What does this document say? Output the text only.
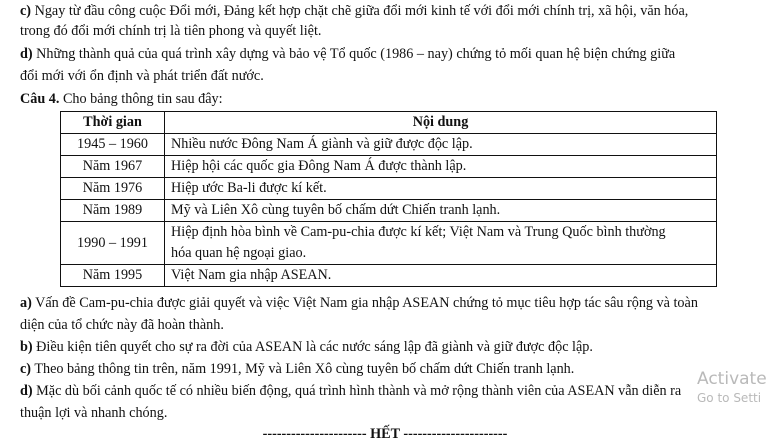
c) Ngay từ đầu công cuộc Đổi mới, Đảng kết hợp chặt chẽ giữa đổi mới kinh tế với đổi mới chính trị, xã hội, văn hóa,
trong đó đổi mới chính trị là tiên phong và quyết liệt.
d) Những thành quả của quá trình xây dựng và bảo vệ Tổ quốc (1986 – nay) chứng tỏ mối quan hệ biện chứng giữa
đổi mới với ổn định và phát triển đất nước.
Câu 4. Cho bảng thông tin sau đây:
Thời gian	Nội dung
1945 – 1960	Nhiều nước Đông Nam Á giành và giữ được độc lập.
Năm 1967	Hiệp hội các quốc gia Đông Nam Á được thành lập.
Năm 1976	Hiệp ước Ba-li được kí kết.
Năm 1989	Mỹ và Liên Xô cùng tuyên bố chấm dứt Chiến tranh lạnh.
1990 – 1991	Hiệp định hòa bình về Cam-pu-chia được kí kết; Việt Nam và Trung Quốc bình thường
hóa quan hệ ngoại giao.

Năm 1995	Việt Nam gia nhập ASEAN.
a) Vấn đề Cam-pu-chia được giải quyết và việc Việt Nam gia nhập ASEAN chứng tỏ mục tiêu hợp tác sâu rộng và toàn
diện của tổ chức này đã hoàn thành.
b) Điều kiện tiên quyết cho sự ra đời của ASEAN là các nước sáng lập đã giành và giữ được độc lập.
c) Theo bảng thông tin trên, năm 1991, Mỹ và Liên Xô cùng tuyên bố chấm dứt Chiến tranh lạnh.
d) Mặc dù bối cảnh quốc tế có nhiều biến động, quá trình hình thành và mở rộng thành viên của ASEAN vẫn diễn ra
thuận lợi và nhanh chóng.
---------------------- HẾT ----------------------
Activate
Go to Setti
